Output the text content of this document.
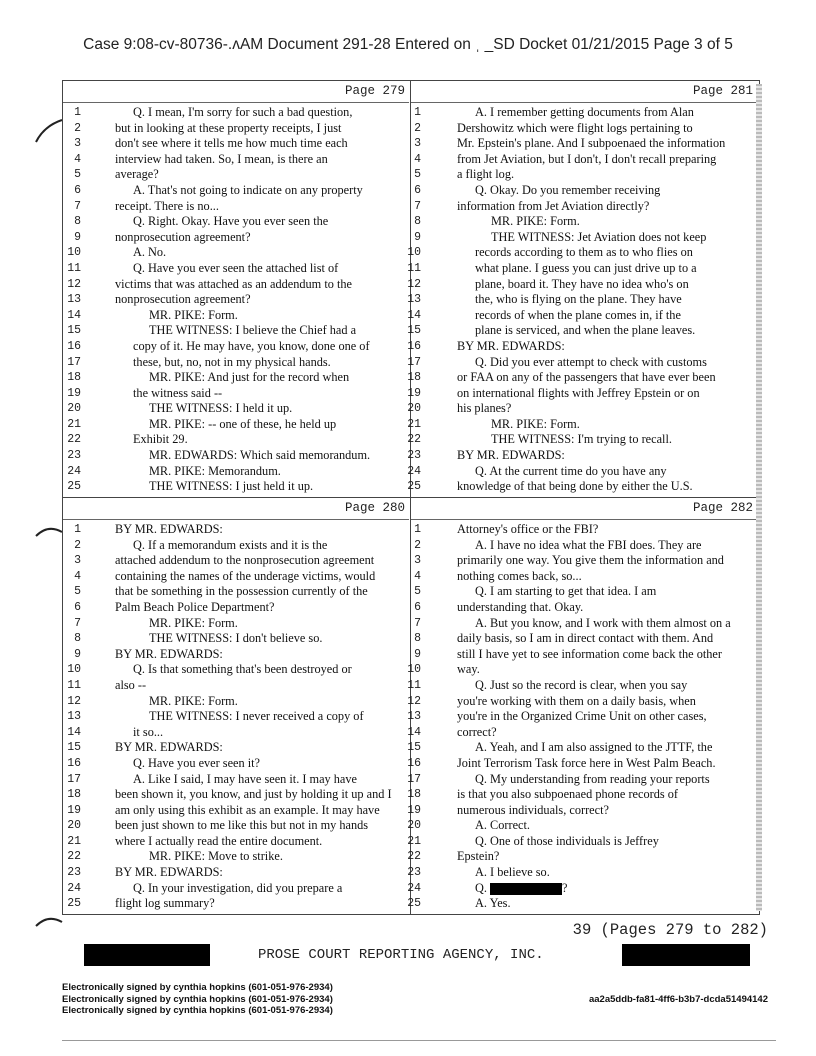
Case 9:08-cv-80736-.ʌAM Document 291-28 Entered on ˌ _SD Docket 01/21/2015 Page 3 of 5
Page 279
1	Q. I mean, I'm sorry for such a bad question,
2	but in looking at these property receipts, I just
3	don't see where it tells me how much time each
4	interview had taken. So, I mean, is there an
5	average?
6	A. That's not going to indicate on any property
7	receipt. There is no...
8	Q. Right. Okay. Have you ever seen the
9	nonprosecution agreement?
10	A. No.
11	Q. Have you ever seen the attached list of
12	victims that was attached as an addendum to the
13	nonprosecution agreement?
14	MR. PIKE: Form.
15	THE WITNESS: I believe the Chief had a
16	copy of it. He may have, you know, done one of
17	these, but, no, not in my physical hands.
18	MR. PIKE: And just for the record when
19	the witness said --
20	THE WITNESS: I held it up.
21	MR. PIKE: -- one of these, he held up
22	Exhibit 29.
23	MR. EDWARDS: Which said memorandum.
24	MR. PIKE: Memorandum.
25	THE WITNESS: I just held it up.
Page 281
1	A. I remember getting documents from Alan
2	Dershowitz which were flight logs pertaining to
3	Mr. Epstein's plane. And I subpoenaed the information
4	from Jet Aviation, but I don't, I don't recall preparing
5	a flight log.
6	Q. Okay. Do you remember receiving
7	information from Jet Aviation directly?
8	MR. PIKE: Form.
9	THE WITNESS: Jet Aviation does not keep
10	records according to them as to who flies on
11	what plane. I guess you can just drive up to a
12	plane, board it. They have no idea who's on
13	the, who is flying on the plane. They have
14	records of when the plane comes in, if the
15	plane is serviced, and when the plane leaves.
16	BY MR. EDWARDS:
17	Q. Did you ever attempt to check with customs
18	or FAA on any of the passengers that have ever been
19	on international flights with Jeffrey Epstein or on
20	his planes?
21	MR. PIKE: Form.
22	THE WITNESS: I'm trying to recall.
23	BY MR. EDWARDS:
24	Q. At the current time do you have any
25	knowledge of that being done by either the U.S.
Page 280
1	BY MR. EDWARDS:
2	Q. If a memorandum exists and it is the
3	attached addendum to the nonprosecution agreement
4	containing the names of the underage victims, would
5	that be something in the possession currently of the
6	Palm Beach Police Department?
7	MR. PIKE: Form.
8	THE WITNESS: I don't believe so.
9	BY MR. EDWARDS:
10	Q. Is that something that's been destroyed or
11	also --
12	MR. PIKE: Form.
13	THE WITNESS: I never received a copy of
14	it so...
15	BY MR. EDWARDS:
16	Q. Have you ever seen it?
17	A. Like I said, I may have seen it. I may have
18	been shown it, you know, and just by holding it up and I
19	am only using this exhibit as an example. It may have
20	been just shown to me like this but not in my hands
21	where I actually read the entire document.
22	MR. PIKE: Move to strike.
23	BY MR. EDWARDS:
24	Q. In your investigation, did you prepare a
25	flight log summary?
Page 282
1	Attorney's office or the FBI?
2	A. I have no idea what the FBI does. They are
3	primarily one way. You give them the information and
4	nothing comes back, so...
5	Q. I am starting to get that idea. I am
6	understanding that. Okay.
7	A. But you know, and I work with them almost on a
8	daily basis, so I am in direct contact with them. And
9	still I have yet to see information come back the other
10	way.
11	Q. Just so the record is clear, when you say
12	you're working with them on a daily basis, when
13	you're in the Organized Crime Unit on other cases,
14	correct?
15	A. Yeah, and I am also assigned to the JTTF, the
16	Joint Terrorism Task force here in West Palm Beach.
17	Q. My understanding from reading your reports
18	is that you also subpoenaed phone records of
19	numerous individuals, correct?
20	A. Correct.
21	Q. One of those individuals is Jeffrey
22	Epstein?
23	A. I believe so.
24	Q.	?
25	A. Yes.
39 (Pages 279 to 282)
PROSE COURT REPORTING AGENCY, INC.
Electronically signed by cynthia hopkins (601-051-976-2934)
Electronically signed by cynthia hopkins (601-051-976-2934)
Electronically signed by cynthia hopkins (601-051-976-2934)
aa2a5ddb-fa81-4ff6-b3b7-dcda51494142
